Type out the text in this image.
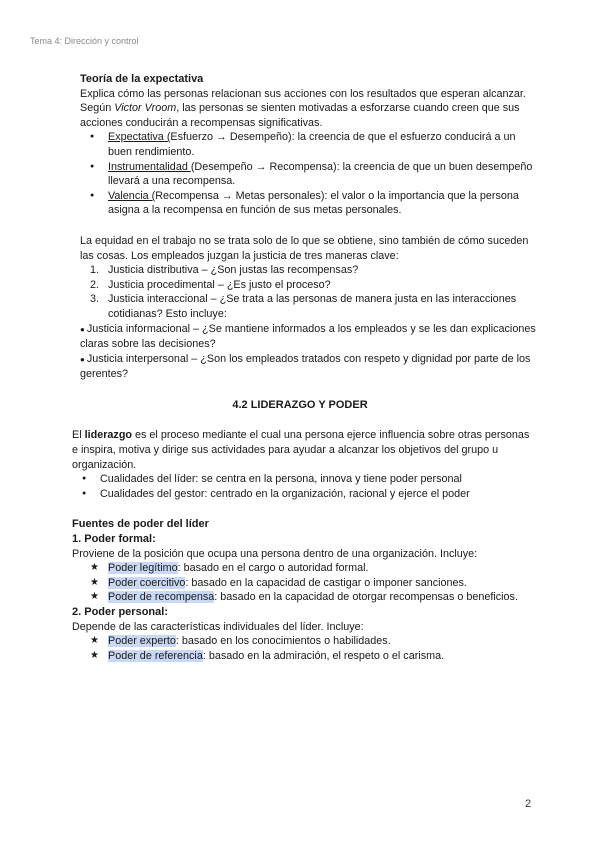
Tema 4: Dirección y control

Teoría de la expectativa

Explica cómo las personas relacionan sus acciones con los resultados que esperan alcanzar. Según Victor Vroom, las personas se sienten motivadas a esforzarse cuando creen que sus acciones conducirán a recompensas significativas.

● Expectativa (Esfuerzo → Desempeño): la creencia de que el esfuerzo conducirá a un buen rendimiento.
● Instrumentalidad (Desempeño → Recompensa): la creencia de que un buen desempeño llevará a una recompensa.
● Valencia (Recompensa → Metas personales): el valor o la importancia que la persona asigna a la recompensa en función de sus metas personales.

La equidad en el trabajo no se trata solo de lo que se obtiene, sino también de cómo suceden las cosas. Los empleados juzgan la justicia de tres maneras clave:

1. Justicia distributiva – ¿Son justas las recompensas?
2. Justicia procedimental – ¿Es justo el proceso?
3. Justicia interaccional – ¿Se trata a las personas de manera justa en las interacciones cotidianas? Esto incluye:

● Justicia informacional – ¿Se mantiene informados a los empleados y se les dan explicaciones claras sobre las decisiones?

● Justicia interpersonal – ¿Son los empleados tratados con respeto y dignidad por parte de los gerentes?

4.2 LIDERAZGO Y PODER

El liderazgo es el proceso mediante el cual una persona ejerce influencia sobre otras personas e inspira, motiva y dirige sus actividades para ayudar a alcanzar los objetivos del grupo u organización.

● Cualidades del líder: se centra en la persona, innova y tiene poder personal
● Cualidades del gestor: centrado en la organización, racional y ejerce el poder
Fuentes de poder del líder
1. Poder formal:

Proviene de la posición que ocupa una persona dentro de una organización. Incluye:

★ Poder legítimo: basado en el cargo o autoridad formal.
★ Poder coercitivo: basado en la capacidad de castigar o imponer sanciones.
★ Poder de recompensa: basado en la capacidad de otorgar recompensas o beneficios.
2. Poder personal:

Depende de las características individuales del líder. Incluye:

★ Poder experto: basado en los conocimientos o habilidades.
★ Poder de referencia: basado en la admiración, el respeto o el carisma.

2
